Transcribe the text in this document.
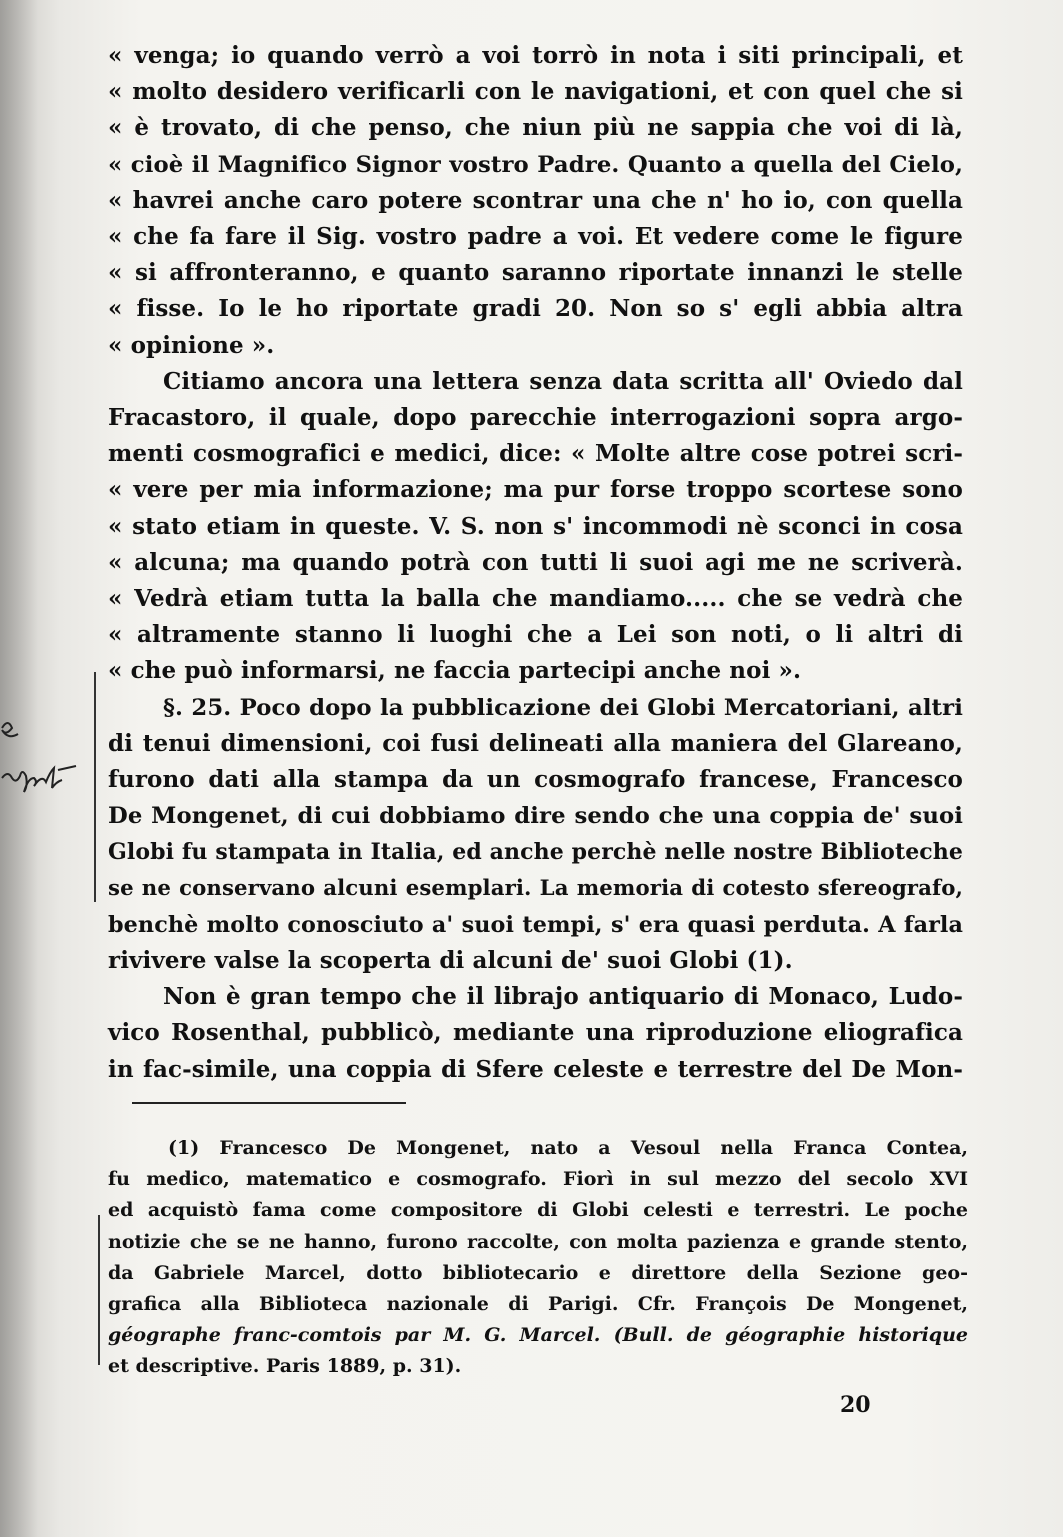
« venga; io quando verrò a voi torrò in nota i siti principali, et
« molto desidero verificarli con le navigationi, et con quel che si
« è trovato, di che penso, che niun più ne sappia che voi di là,
« cioè il Magnifico Signor vostro Padre. Quanto a quella del Cielo,
« havrei anche caro potere scontrar una che n' ho io, con quella
« che fa fare il Sig. vostro padre a voi. Et vedere come le figure
« si affronteranno, e quanto saranno riportate innanzi le stelle
« fisse. Io le ho riportate gradi 20. Non so s' egli abbia altra
« opinione ».
Citiamo ancora una lettera senza data scritta all' Oviedo dal
Fracastoro, il quale, dopo parecchie interrogazioni sopra argo-
menti cosmografici e medici, dice: « Molte altre cose potrei scri-
« vere per mia informazione; ma pur forse troppo scortese sono
« stato etiam in queste. V. S. non s' incommodi nè sconci in cosa
« alcuna; ma quando potrà con tutti li suoi agi me ne scriverà.
« Vedrà etiam tutta la balla che mandiamo..... che se vedrà che
« altramente stanno li luoghi che a Lei son noti, o li altri di
« che può informarsi, ne faccia partecipi anche noi ».
§. 25. Poco dopo la pubblicazione dei Globi Mercatoriani, altri
di tenui dimensioni, coi fusi delineati alla maniera del Glareano,
furono dati alla stampa da un cosmografo francese, Francesco
De Mongenet, di cui dobbiamo dire sendo che una coppia de' suoi
Globi fu stampata in Italia, ed anche perchè nelle nostre Biblioteche
se ne conservano alcuni esemplari. La memoria di cotesto sfereografo,
benchè molto conosciuto a' suoi tempi, s' era quasi perduta. A farla
rivivere valse la scoperta di alcuni de' suoi Globi (1).
Non è gran tempo che il librajo antiquario di Monaco, Ludo-
vico Rosenthal, pubblicò, mediante una riproduzione eliografica
in fac-simile, una coppia di Sfere celeste e terrestre del De Mon-
(1) Francesco De Mongenet, nato a Vesoul nella Franca Contea,
fu medico, matematico e cosmografo. Fiorì in sul mezzo del secolo XVI
ed acquistò fama come compositore di Globi celesti e terrestri. Le poche
notizie che se ne hanno, furono raccolte, con molta pazienza e grande stento,
da Gabriele Marcel, dotto bibliotecario e direttore della Sezione geo-
grafica alla Biblioteca nazionale di Parigi. Cfr. François De Mongenet,
géographe franc-comtois par M. G. Marcel. (Bull. de géographie historique
et descriptive. Paris 1889, p. 31).
20
